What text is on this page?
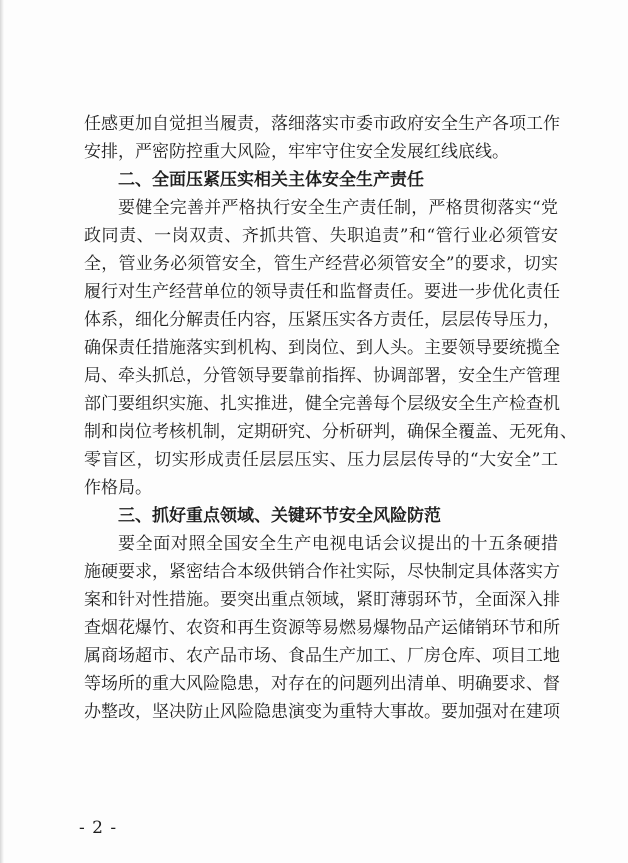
任感更加自觉担当履责，落细落实市委市政府安全生产各项工作
安排，严密防控重大风险，牢牢守住安全发展红线底线。
二、全面压紧压实相关主体安全生产责任
要健全完善并严格执行安全生产责任制，严格贯彻落实“党
政同责、一岗双责、齐抓共管、失职追责”和“管行业必须管安
全，管业务必须管安全，管生产经营必须管安全”的要求，切实
履行对生产经营单位的领导责任和监督责任。要进一步优化责任
体系，细化分解责任内容，压紧压实各方责任，层层传导压力，
确保责任措施落实到机构、到岗位、到人头。主要领导要统揽全
局、牵头抓总，分管领导要靠前指挥、协调部署，安全生产管理
部门要组织实施、扎实推进，健全完善每个层级安全生产检查机
制和岗位考核机制，定期研究、分析研判，确保全覆盖、无死角、
零盲区，切实形成责任层层压实、压力层层传导的“大安全”工
作格局。
三、抓好重点领域、关键环节安全风险防范
要全面对照全国安全生产电视电话会议提出的十五条硬措
施硬要求，紧密结合本级供销合作社实际，尽快制定具体落实方
案和针对性措施。要突出重点领域，紧盯薄弱环节，全面深入排
查烟花爆竹、农资和再生资源等易燃易爆物品产运储销环节和所
属商场超市、农产品市场、食品生产加工、厂房仓库、项目工地
等场所的重大风险隐患，对存在的问题列出清单、明确要求、督
办整改，坚决防止风险隐患演变为重特大事故。要加强对在建项
- 2 -
